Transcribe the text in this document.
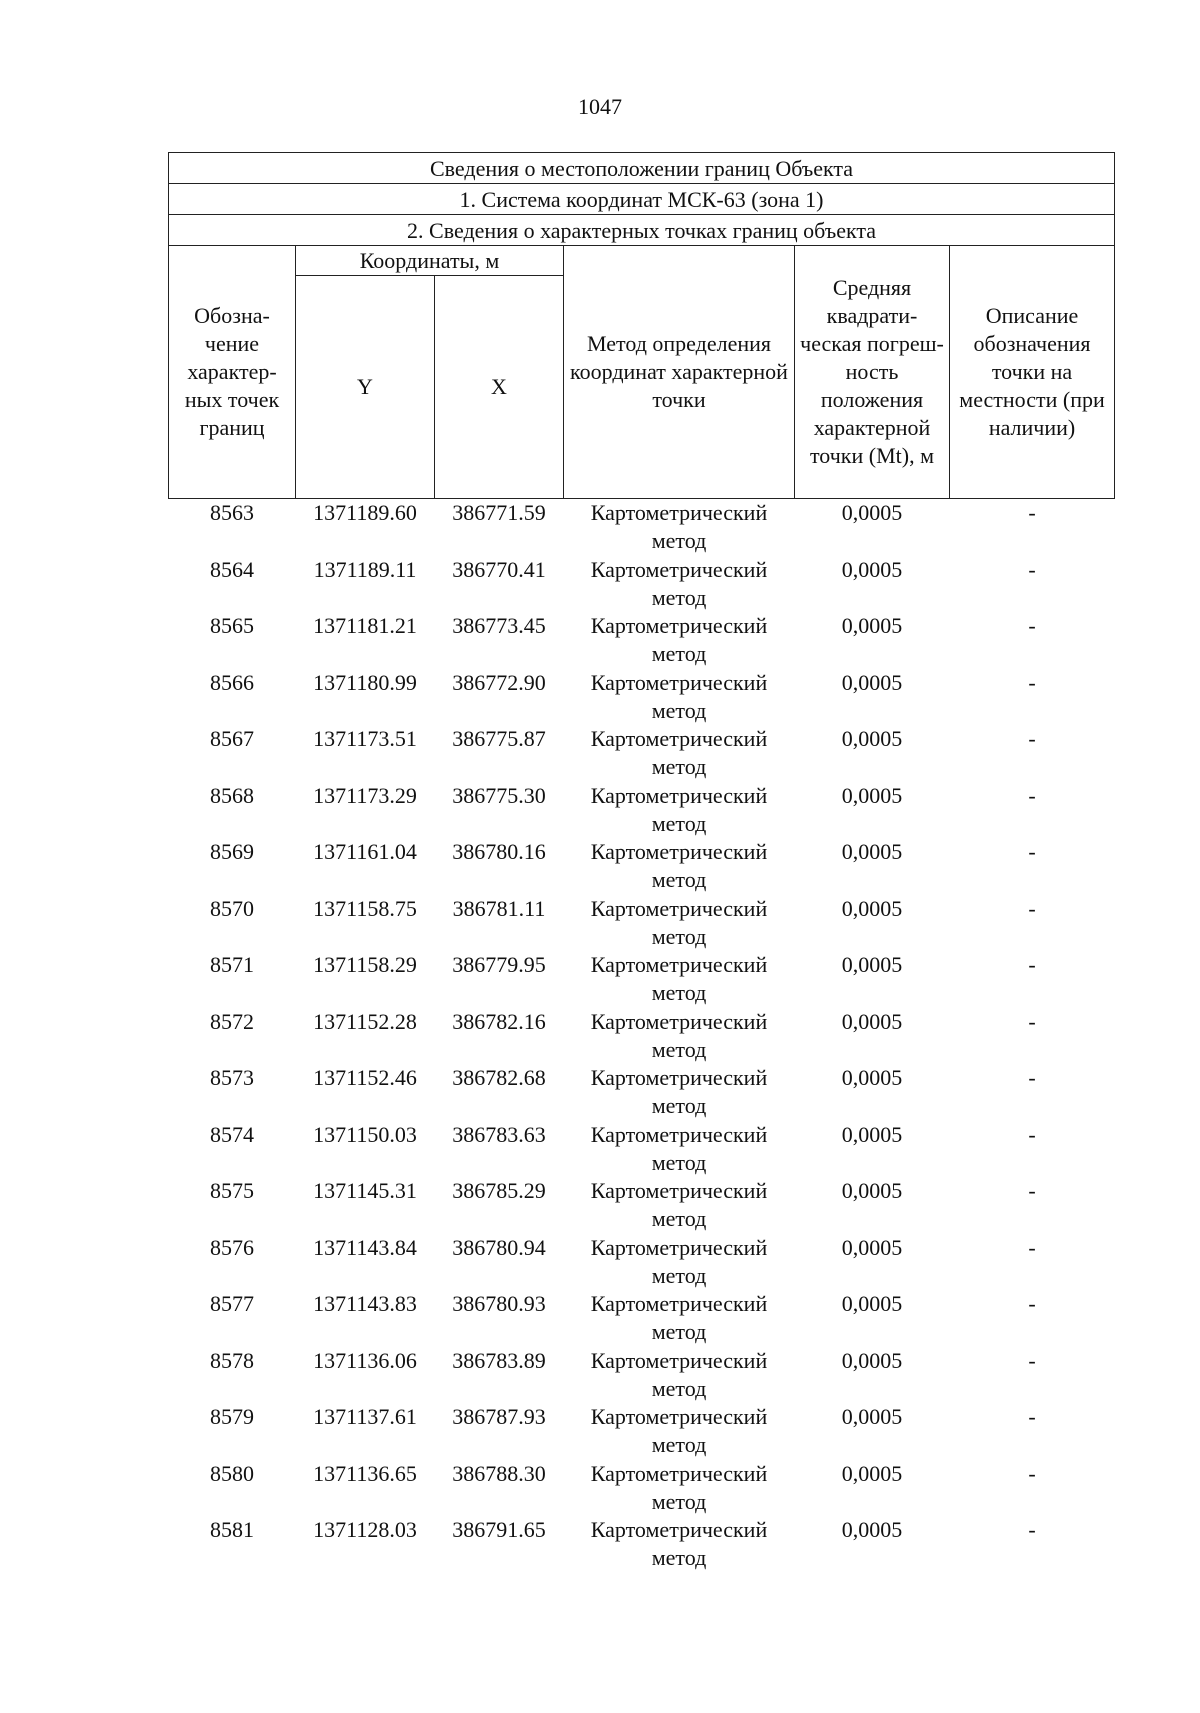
1047
Сведения о местоположении границ Объекта					
1. Система координат МСК-63 (зона 1)					
2. Сведения о характерных точках границ объекта					
Обозна-чение характер-ных точек границ	Координаты, м		Метод определения координат характерной точки	Средняя квадрати-ческая погреш-ность положения характерной точки (Mt), м	Описание обозначения точки на местности (при наличии)
	Y	X			
8563	1371189.60	386771.59	Картометрический метод	0,0005	-
8564	1371189.11	386770.41	Картометрический метод	0,0005	-
8565	1371181.21	386773.45	Картометрический метод	0,0005	-
8566	1371180.99	386772.90	Картометрический метод	0,0005	-
8567	1371173.51	386775.87	Картометрический метод	0,0005	-
8568	1371173.29	386775.30	Картометрический метод	0,0005	-
8569	1371161.04	386780.16	Картометрический метод	0,0005	-
8570	1371158.75	386781.11	Картометрический метод	0,0005	-
8571	1371158.29	386779.95	Картометрический метод	0,0005	-
8572	1371152.28	386782.16	Картометрический метод	0,0005	-
8573	1371152.46	386782.68	Картометрический метод	0,0005	-
8574	1371150.03	386783.63	Картометрический метод	0,0005	-
8575	1371145.31	386785.29	Картометрический метод	0,0005	-
8576	1371143.84	386780.94	Картометрический метод	0,0005	-
8577	1371143.83	386780.93	Картометрический метод	0,0005	-
8578	1371136.06	386783.89	Картометрический метод	0,0005	-
8579	1371137.61	386787.93	Картометрический метод	0,0005	-
8580	1371136.65	386788.30	Картометрический метод	0,0005	-
8581	1371128.03	386791.65	Картометрический метод	0,0005	-
